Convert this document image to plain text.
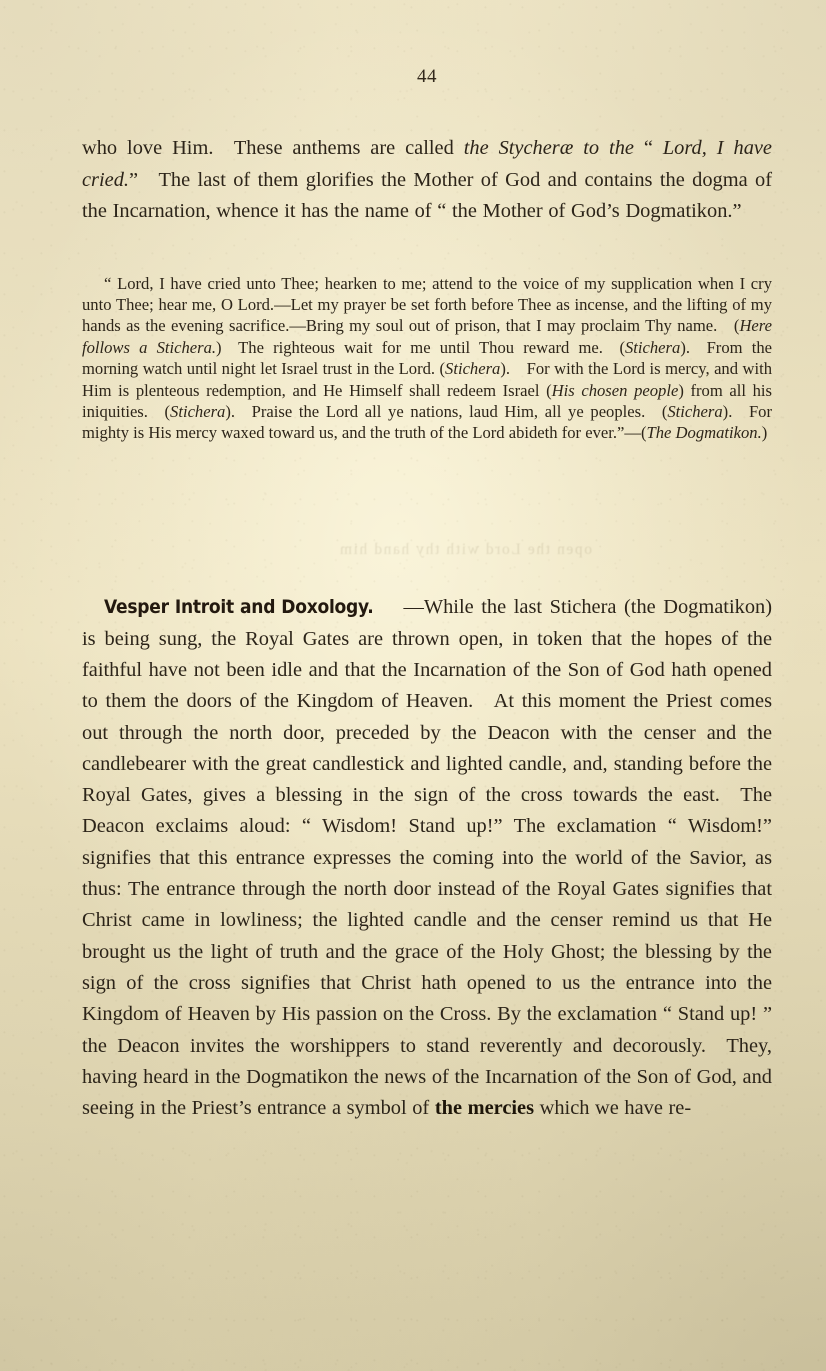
open the Lord with thy hand him
44

who love Him. These anthems are called the Stycheræ to the “ Lord, I have cried.” The last of them glorifies the Mother of God and contains the dogma of the Incarnation, whence it has the name of “ the Mother of God’s Dogmatikon.”

“ Lord, I have cried unto Thee; hearken to me; attend to the voice of my supplication when I cry unto Thee; hear me, O Lord.—Let my prayer be set forth before Thee as incense, and the lifting of my hands as the evening sacrifice.—Bring my soul out of prison, that I may proclaim Thy name. (Here follows a Stichera.) The righteous wait for me until Thou reward me. (Stichera). From the morning watch until night let Israel trust in the Lord. (Stichera). For with the Lord is mercy, and with Him is plenteous redemption, and He Himself shall redeem Israel (His chosen people) from all his iniquities. (Stichera). Praise the Lord all ye nations, laud Him, all ye peoples. (Stichera). For mighty is His mercy waxed toward us, and the truth of the Lord abideth for ever.”—(The Dogmatikon.)

Vesper Introit and Doxology. —While the last Stichera (the Dogmatikon) is being sung, the Royal Gates are thrown open, in token that the hopes of the faithful have not been idle and that the Incarnation of the Son of God hath opened to them the doors of the Kingdom of Heaven. At this moment the Priest comes out through the north door, preceded by the Deacon with the censer and the candlebearer with the great candlestick and lighted candle, and, standing before the Royal Gates, gives a blessing in the sign of the cross towards the east. The Deacon exclaims aloud: “ Wisdom! Stand up!” The exclamation “ Wisdom!” signifies that this entrance expresses the coming into the world of the Savior, as thus: The entrance through the north door instead of the Royal Gates signifies that Christ came in lowliness; the lighted candle and the censer remind us that He brought us the light of truth and the grace of the Holy Ghost; the blessing by the sign of the cross signifies that Christ hath opened to us the entrance into the Kingdom of Heaven by His passion on the Cross. By the exclamation “ Stand up! ” the Deacon invites the worshippers to stand reverently and decorously. They, having heard in the Dogmatikon the news of the Incarnation of the Son of God, and seeing in the Priest’s entrance a symbol of the mercies which we have re-
